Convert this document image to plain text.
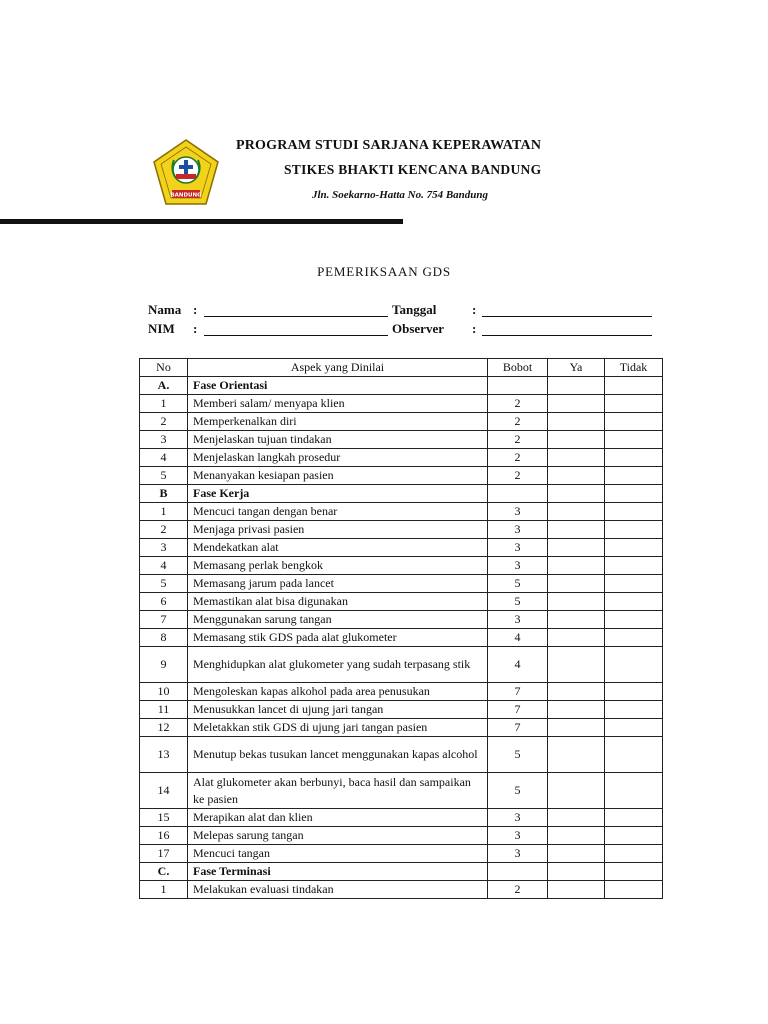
BANDUNG
PROGRAM STUDI SARJANA KEPERAWATAN
STIKES BHAKTI KENCANA BANDUNG
Jln. Soekarno-Hatta No. 754 Bandung
PEMERIKSAAN GDS
Nama :	Tanggal	:
NIM :	Observer :
No	Aspek yang Dinilai	Bobot	Ya	Tidak
A.	Fase Orientasi			
1	Memberi salam/ menyapa klien	2		
2	Memperkenalkan diri	2		
3	Menjelaskan tujuan tindakan	2		
4	Menjelaskan langkah prosedur	2		
5	Menanyakan kesiapan pasien	2		
B	Fase Kerja			
1	Mencuci tangan dengan benar	3		
2	Menjaga privasi pasien	3		
3	Mendekatkan alat	3		
4	Memasang perlak bengkok	3		
5	Memasang jarum pada lancet	5		
6	Memastikan alat bisa digunakan	5		
7	Menggunakan sarung tangan	3		
8	Memasang stik GDS pada alat glukometer	4		
9	Menghidupkan alat glukometer yang sudah terpasang stik	4		
10	Mengoleskan kapas alkohol pada area penusukan	7		
11	Menusukkan lancet di ujung jari tangan	7		
12	Meletakkan stik GDS di ujung jari tangan pasien	7		
13	Menutup bekas tusukan lancet menggunakan kapas alcohol	5		
14	Alat glukometer akan berbunyi, baca hasil dan sampaikan ke pasien	5		
15	Merapikan alat dan klien	3		
16	Melepas sarung tangan	3		
17	Mencuci tangan	3		
C.	Fase Terminasi			
1	Melakukan evaluasi tindakan	2		
